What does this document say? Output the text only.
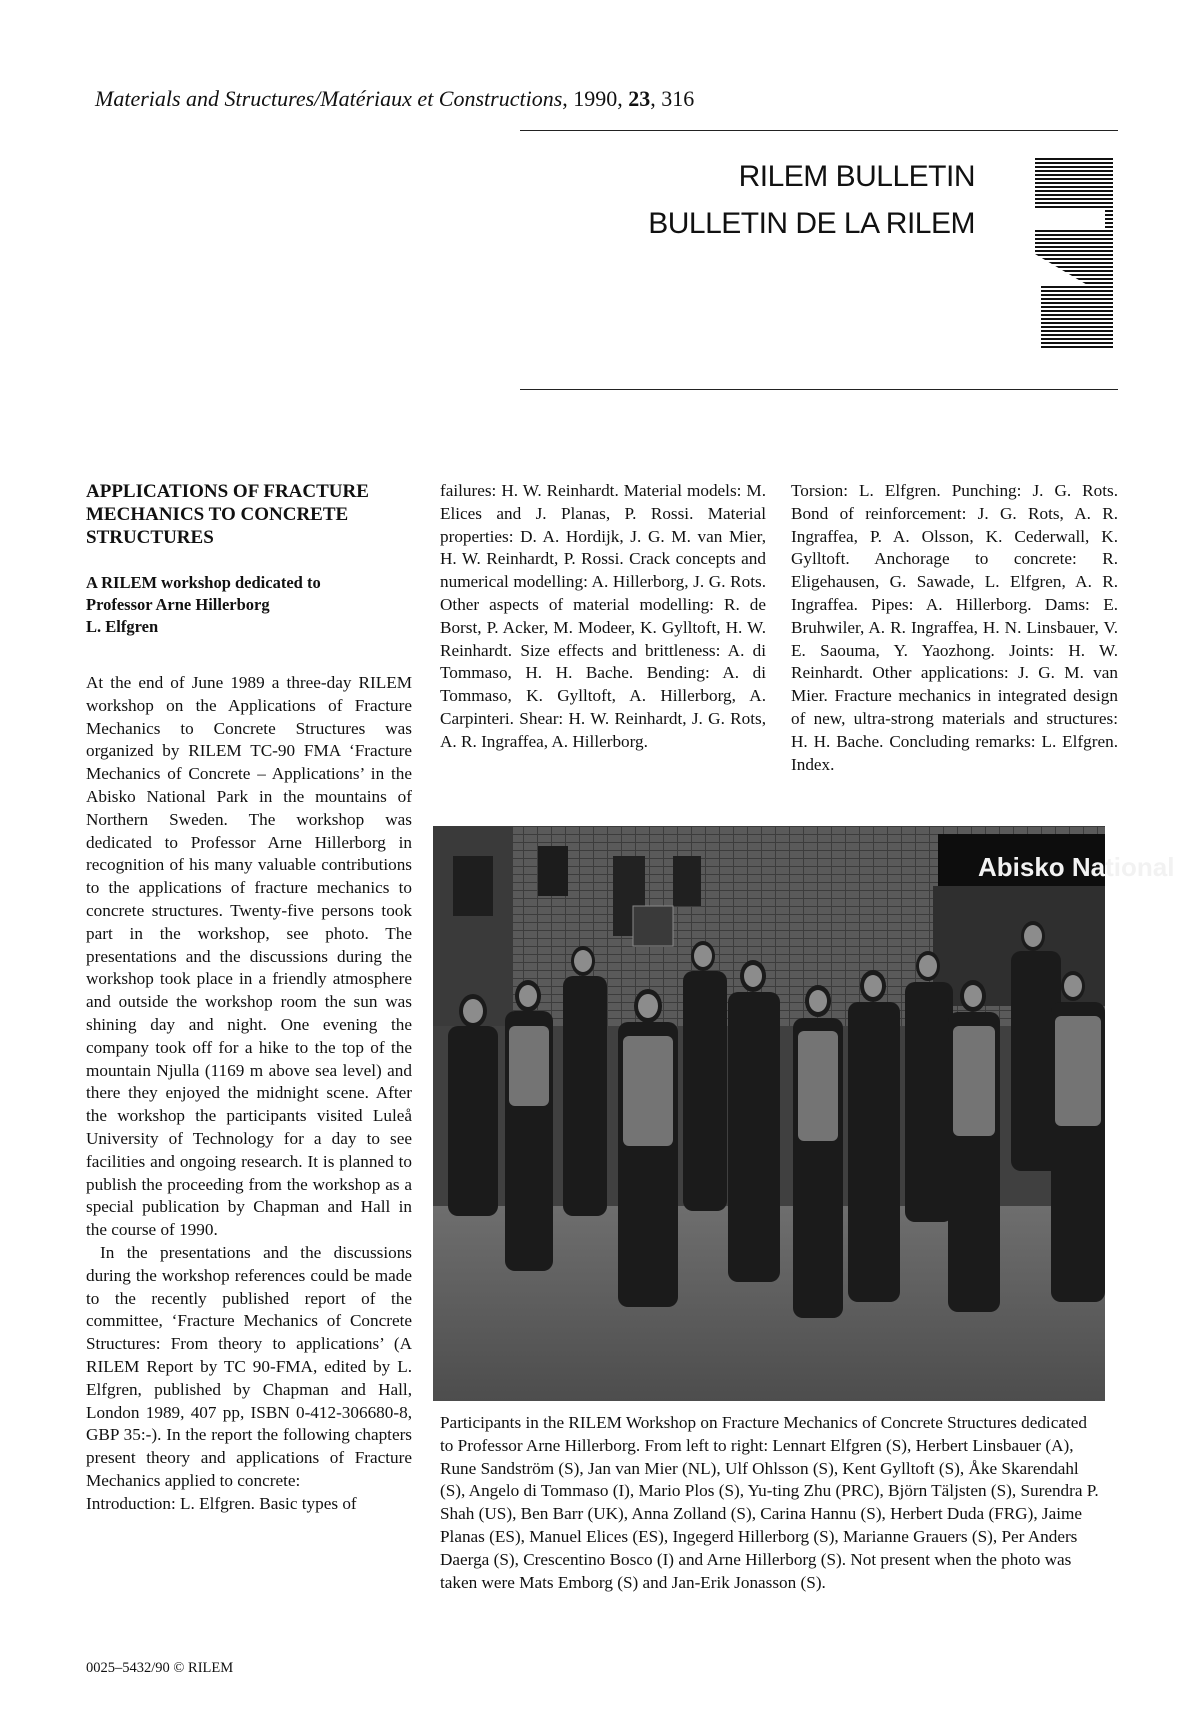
Materials and Structures/Matériaux et Constructions, 1990, 23, 316
RILEM BULLETIN
BULLETIN DE LA RILEM
APPLICATIONS OF FRACTURE MECHANICS TO CONCRETE STRUCTURES
A RILEM workshop dedicated to
Professor Arne Hillerborg
L. Elfgren

At the end of June 1989 a three-day RILEM workshop on the Applications of Fracture Mechanics to Concrete Structures was organized by RILEM TC-90 FMA ‘Fracture Mechanics of Concrete – Applications’ in the Abisko National Park in the mountains of Northern Sweden. The workshop was dedicated to Professor Arne Hillerborg in recognition of his many valuable contributions to the applications of fracture mechanics to concrete structures. Twenty-five persons took part in the workshop, see photo. The presentations and the discussions during the workshop took place in a friendly atmosphere and outside the workshop room the sun was shining day and night. One evening the company took off for a hike to the top of the mountain Njulla (1169 m above sea level) and there they enjoyed the midnight scene. After the workshop the participants visited Luleå University of Technology for a day to see facilities and ongoing research. It is planned to publish the proceeding from the workshop as a special publication by Chapman and Hall in the course of 1990.

In the presentations and the discussions during the workshop references could be made to the recently published report of the committee, ‘Fracture Mechanics of Concrete Structures: From theory to applications’ (A RILEM Report by TC 90-FMA, edited by L. Elfgren, published by Chapman and Hall, London 1989, 407 pp, ISBN 0-412-306680-8, GBP 35:-). In the report the following chapters present theory and applications of Fracture Mechanics applied to concrete:

Introduction: L. Elfgren. Basic types of

failures: H. W. Reinhardt. Material models: M. Elices and J. Planas, P. Rossi. Material properties: D. A. Hordijk, J. G. M. van Mier, H. W. Reinhardt, P. Rossi. Crack concepts and numerical modelling: A. Hillerborg, J. G. Rots. Other aspects of material modelling: R. de Borst, P. Acker, M. Modeer, K. Gylltoft, H. W. Reinhardt. Size effects and brittleness: A. di Tommaso, H. H. Bache. Bending: A. di Tommaso, K. Gylltoft, A. Hillerborg, A. Carpinteri. Shear: H. W. Reinhardt, J. G. Rots, A. R. Ingraffea, A. Hillerborg.

Torsion: L. Elfgren. Punching: J. G. Rots. Bond of reinforcement: J. G. Rots, A. R. Ingraffea, P. A. Olsson, K. Cederwall, K. Gylltoft. Anchorage to concrete: R. Eligehausen, G. Sawade, L. Elfgren, A. R. Ingraffea. Pipes: A. Hillerborg. Dams: E. Bruhwiler, A. R. Ingraffea, H. N. Linsbauer, V. E. Saouma, Y. Yaozhong. Joints: H. W. Reinhardt. Other applications: J. G. M. van Mier. Fracture mechanics in integrated design of new, ultra-strong materials and structures: H. H. Bache. Concluding remarks: L. Elfgren. Index.

Abisko National
Participants in the RILEM Workshop on Fracture Mechanics of Concrete Structures dedicated to Professor Arne Hillerborg. From left to right: Lennart Elfgren (S), Herbert Linsbauer (A), Rune Sandström (S), Jan van Mier (NL), Ulf Ohlsson (S), Kent Gylltoft (S), Åke Skarendahl (S), Angelo di Tommaso (I), Mario Plos (S), Yu-ting Zhu (PRC), Björn Täljsten (S), Surendra P. Shah (US), Ben Barr (UK), Anna Zolland (S), Carina Hannu (S), Herbert Duda (FRG), Jaime Planas (ES), Manuel Elices (ES), Ingegerd Hillerborg (S), Marianne Grauers (S), Per Anders Daerga (S), Crescentino Bosco (I) and Arne Hillerborg (S). Not present when the photo was taken were Mats Emborg (S) and Jan-Erik Jonasson (S).
0025–5432/90 © RILEM
